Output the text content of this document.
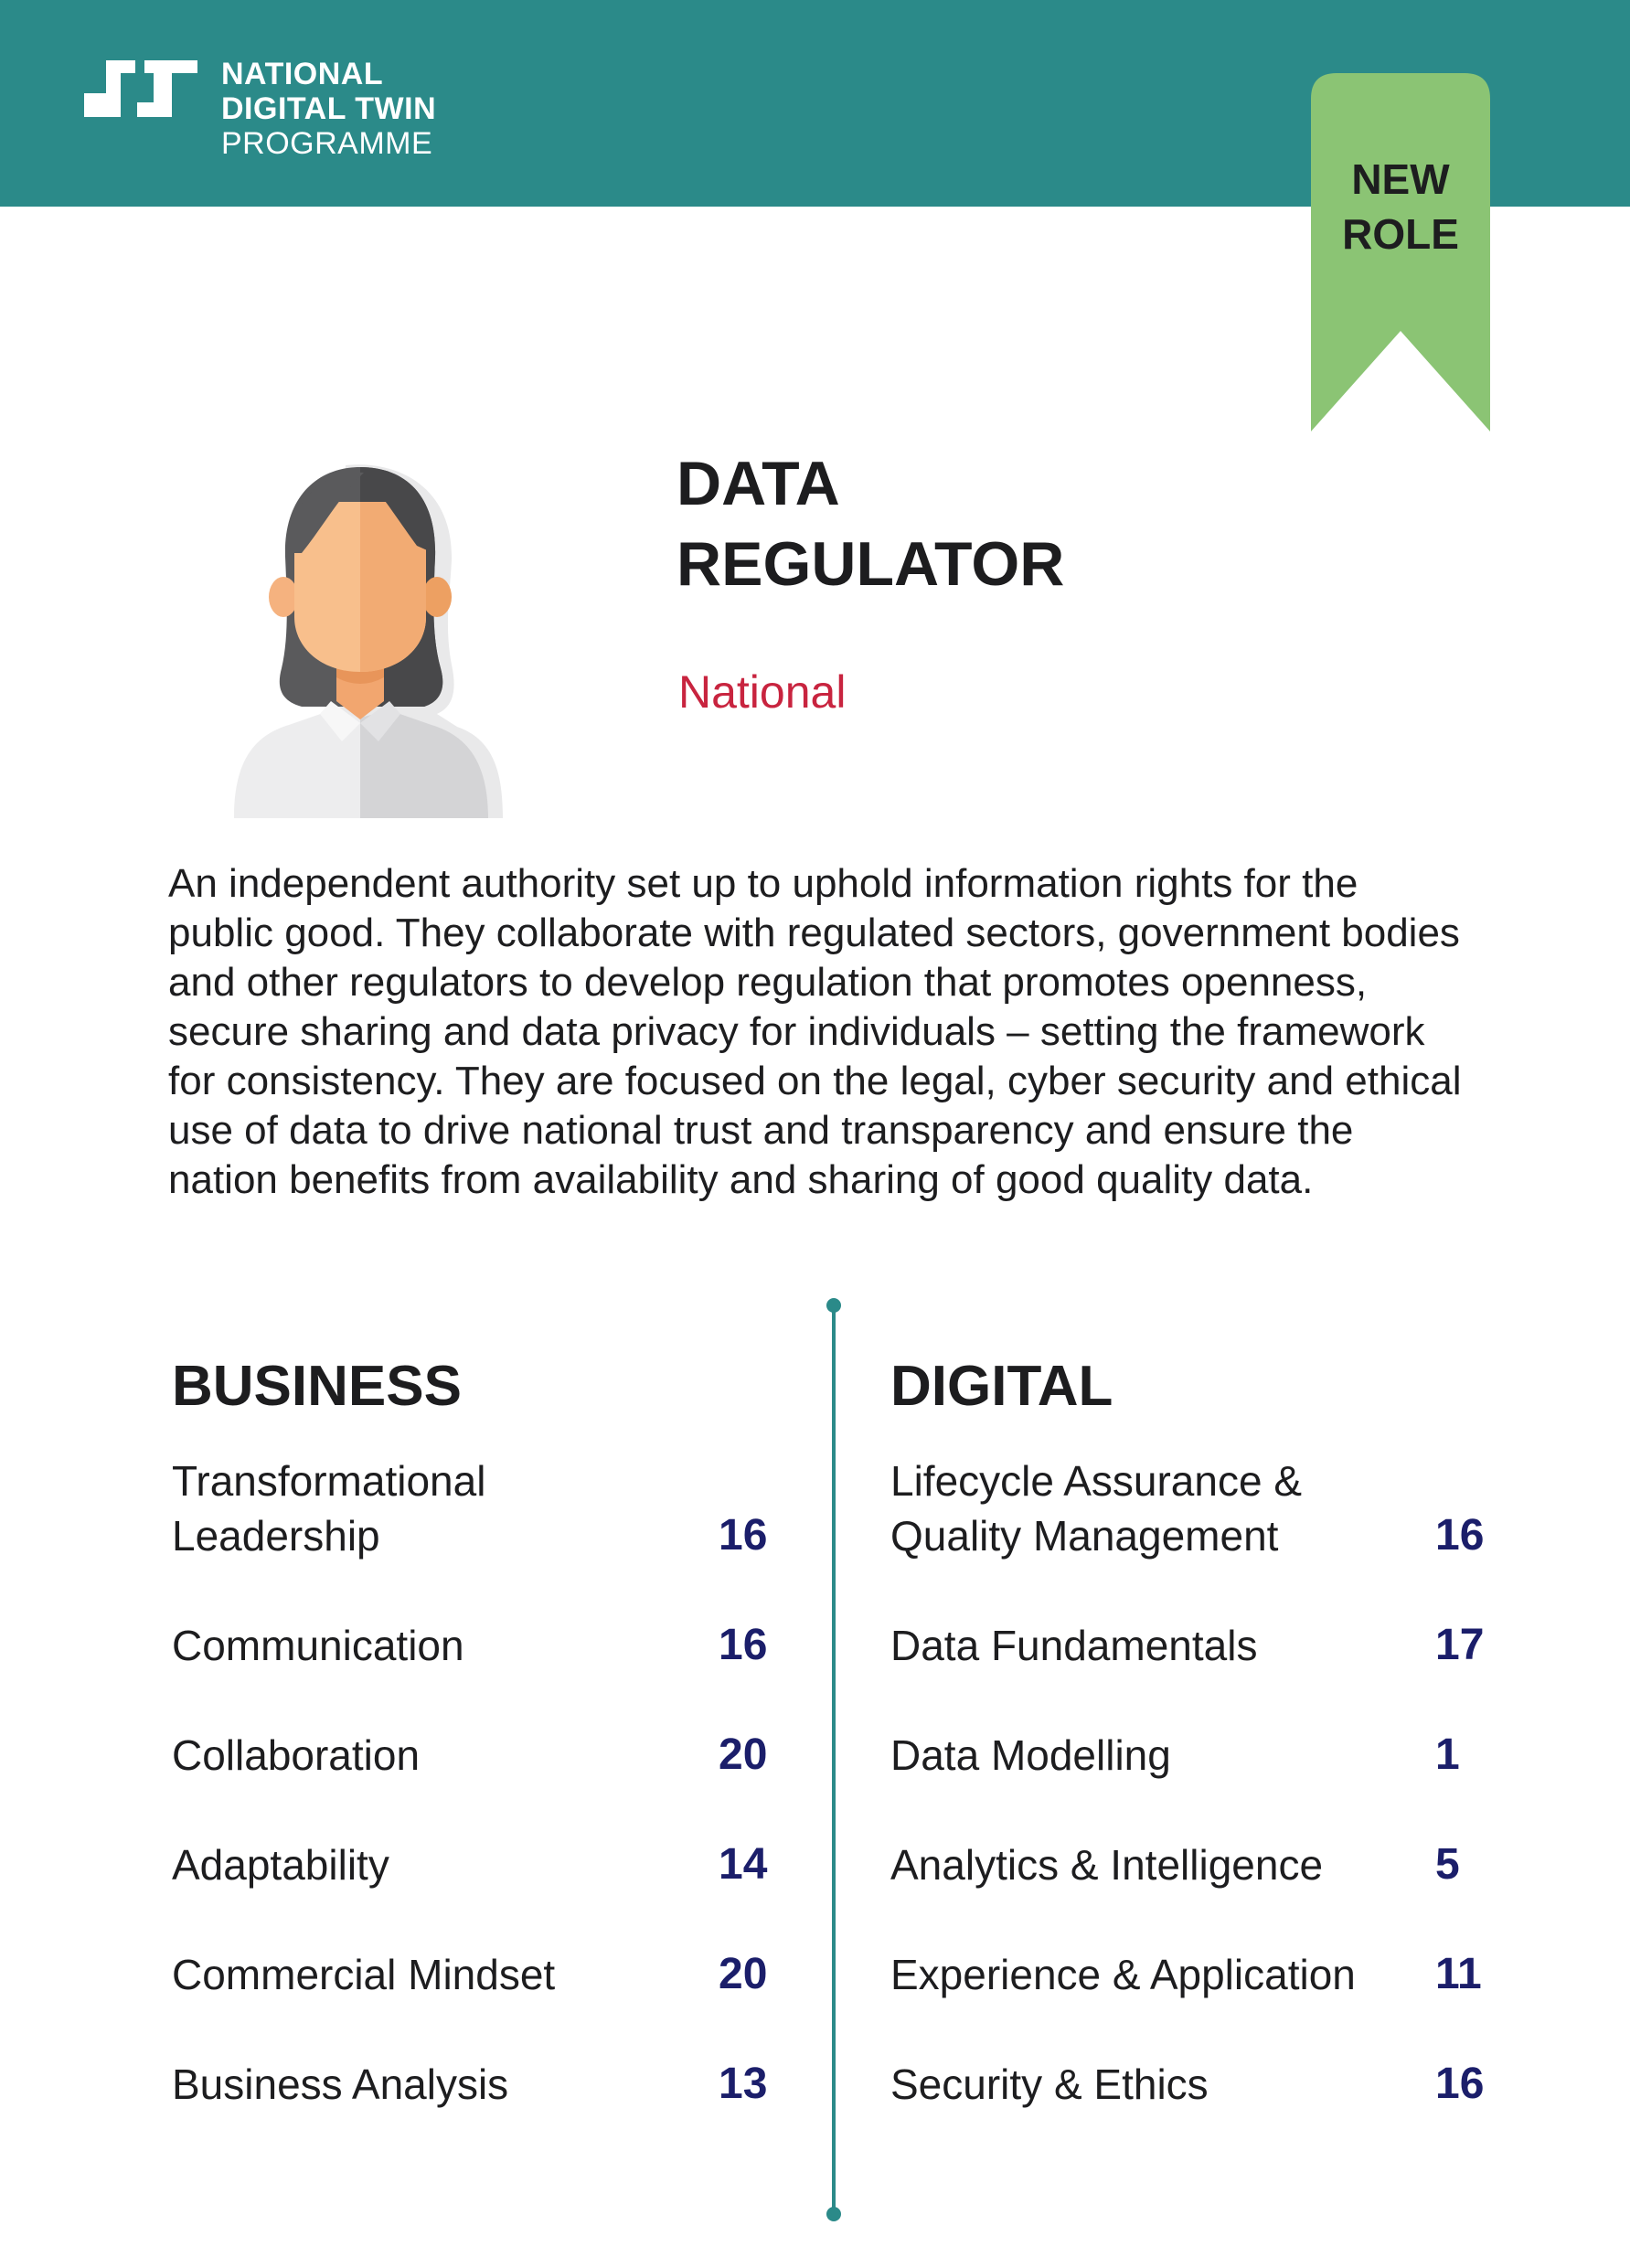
NATIONAL
DIGITAL TWIN
PROGRAMME
NEW
ROLE
DATA
REGULATOR
National

An independent authority set up to uphold information rights for the public good. They collaborate with regulated sectors, government bodies and other regulators to develop regulation that promotes openness, secure sharing and data privacy for individuals – setting the framework for consistency. They are focused on the legal, cyber security and ethical use of data to drive national trust and transparency and ensure the nation benefits from availability and sharing of good quality data.

BUSINESS
Transformational
Leadership	16
Communication	16
Collaboration	20
Adaptability	14
Commercial Mindset	20
Business Analysis	13
DIGITAL
Lifecycle Assurance &
Quality Management	16
Data Fundamentals	17
Data Modelling	1
Analytics & Intelligence	5
Experience & Application	11
Security & Ethics	16
